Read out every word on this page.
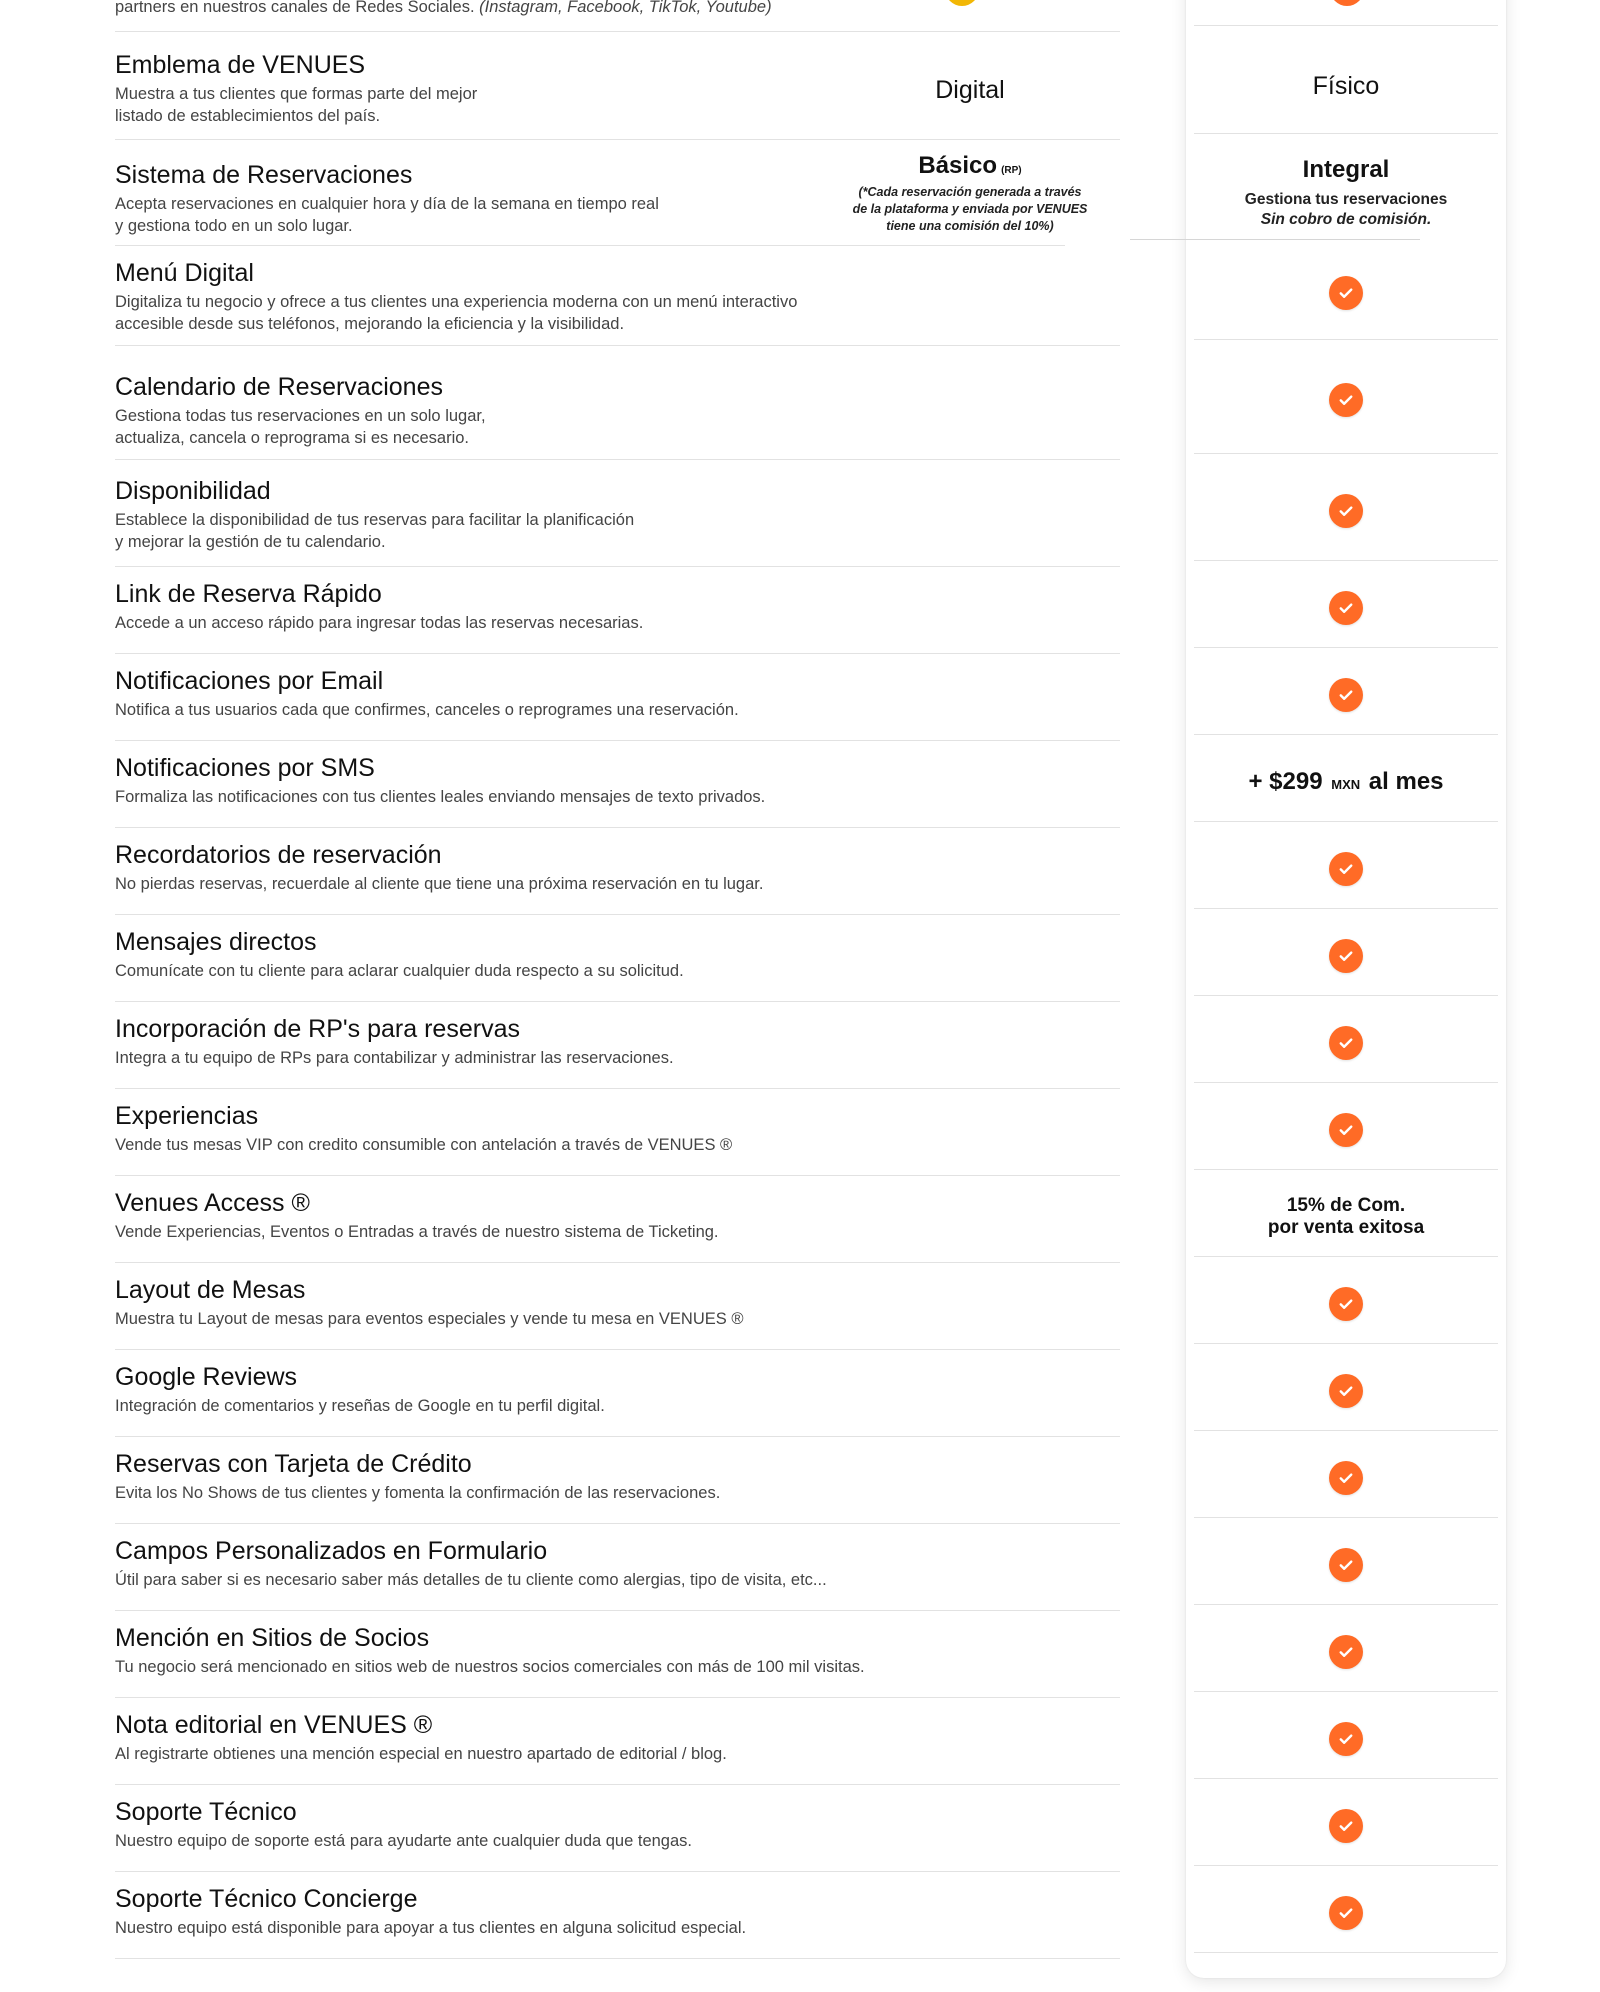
partners en nuestros canales de Redes Sociales. (Instagram, Facebook, TikTok, Youtube)
Emblema de VENUES
Muestra a tus clientes que formas parte del mejor
listado de establecimientos del país.
Digital	Físico
Sistema de Reservaciones
Acepta reservaciones en cualquier hora y día de la semana en tiempo real
y gestiona todo en un solo lugar.
Básico (RP)
(*Cada reservación generada a través
de la plataforma y enviada por VENUES
tiene una comisión del 10%)
Integral
Gestiona tus reservaciones
Sin cobro de comisión.
Menú Digital
Digitaliza tu negocio y ofrece a tus clientes una experiencia moderna con un menú interactivo
accesible desde sus teléfonos, mejorando la eficiencia y la visibilidad.
Calendario de Reservaciones
Gestiona todas tus reservaciones en un solo lugar,
actualiza, cancela o reprograma si es necesario.
Disponibilidad
Establece la disponibilidad de tus reservas para facilitar la planificación
y mejorar la gestión de tu calendario.
Link de Reserva Rápido
Accede a un acceso rápido para ingresar todas las reservas necesarias.
Notificaciones por Email
Notifica a tus usuarios cada que confirmes, canceles o reprogrames una reservación.
Notificaciones por SMS
Formaliza las notificaciones con tus clientes leales enviando mensajes de texto privados.
+ $299 MXN al mes
Recordatorios de reservación
No pierdas reservas, recuerdale al cliente que tiene una próxima reservación en tu lugar.
Mensajes directos
Comunícate con tu cliente para aclarar cualquier duda respecto a su solicitud.
Incorporación de RP's para reservas
Integra a tu equipo de RPs para contabilizar y administrar las reservaciones.
Experiencias
Vende tus mesas VIP con credito consumible con antelación a través de VENUES ®
Venues Access ®
Vende Experiencias, Eventos o Entradas a través de nuestro sistema de Ticketing.
15% de Com.
por venta exitosa
Layout de Mesas
Muestra tu Layout de mesas para eventos especiales y vende tu mesa en VENUES ®
Google Reviews
Integración de comentarios y reseñas de Google en tu perfil digital.
Reservas con Tarjeta de Crédito
Evita los No Shows de tus clientes y fomenta la confirmación de las reservaciones.
Campos Personalizados en Formulario
Útil para saber si es necesario saber más detalles de tu cliente como alergias, tipo de visita, etc...
Mención en Sitios de Socios
Tu negocio será mencionado en sitios web de nuestros socios comerciales con más de 100 mil visitas.
Nota editorial en VENUES ®
Al registrarte obtienes una mención especial en nuestro apartado de editorial / blog.
Soporte Técnico
Nuestro equipo de soporte está para ayudarte ante cualquier duda que tengas.
Soporte Técnico Concierge
Nuestro equipo está disponible para apoyar a tus clientes en alguna solicitud especial.
